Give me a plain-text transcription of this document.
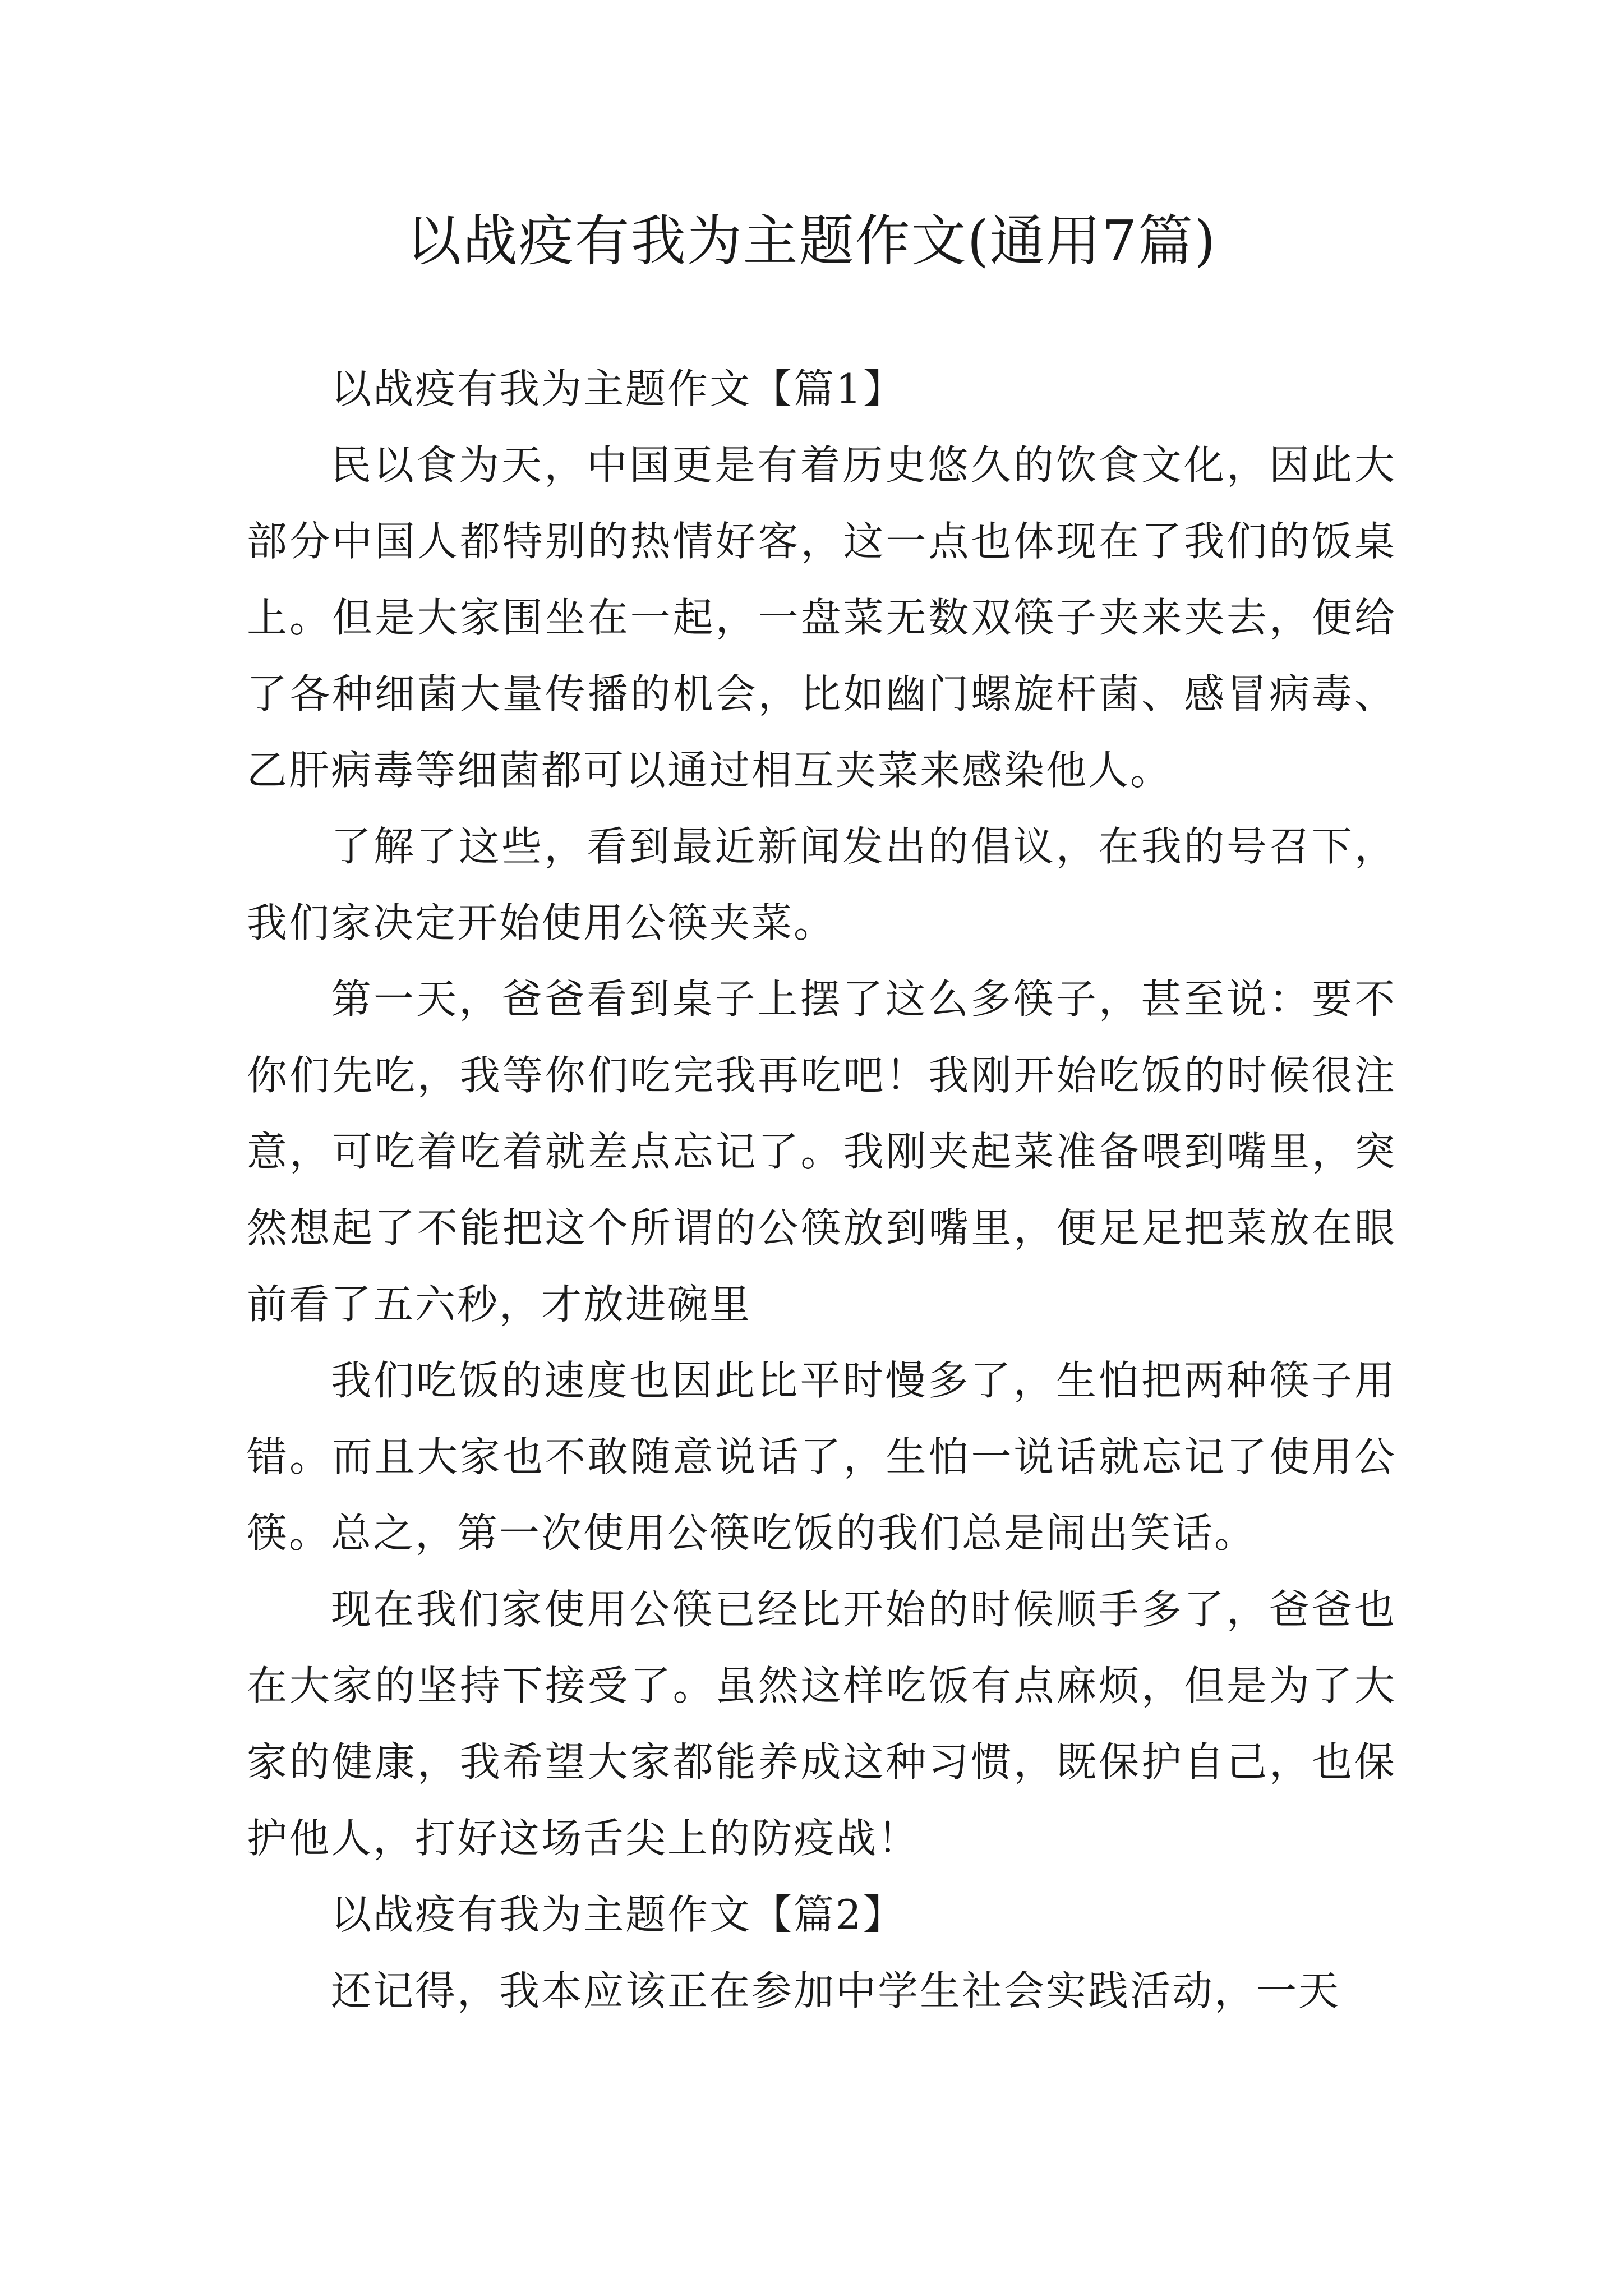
以战疫有我为主题作文(通用7篇)

以战疫有我为主题作文【篇1】

民以食为天，中国更是有着历史悠久的饮食文化，因此大部分中国人都特别的热情好客，这一点也体现在了我们的饭桌上。但是大家围坐在一起，一盘菜无数双筷子夹来夹去，便给了各种细菌大量传播的机会，比如幽门螺旋杆菌、感冒病毒、乙肝病毒等细菌都可以通过相互夹菜来感染他人。

了解了这些，看到最近新闻发出的倡议，在我的号召下，我们家决定开始使用公筷夹菜。

第一天，爸爸看到桌子上摆了这么多筷子，甚至说：要不你们先吃，我等你们吃完我再吃吧！我刚开始吃饭的时候很注意，可吃着吃着就差点忘记了。我刚夹起菜准备喂到嘴里，突然想起了不能把这个所谓的公筷放到嘴里，便足足把菜放在眼前看了五六秒，才放进碗里

我们吃饭的速度也因此比平时慢多了，生怕把两种筷子用错。而且大家也不敢随意说话了，生怕一说话就忘记了使用公筷。总之，第一次使用公筷吃饭的我们总是闹出笑话。

现在我们家使用公筷已经比开始的时候顺手多了，爸爸也在大家的坚持下接受了。虽然这样吃饭有点麻烦，但是为了大家的健康，我希望大家都能养成这种习惯，既保护自己，也保护他人，打好这场舌尖上的防疫战！

以战疫有我为主题作文【篇2】

还记得，我本应该正在参加中学生社会实践活动，一天
